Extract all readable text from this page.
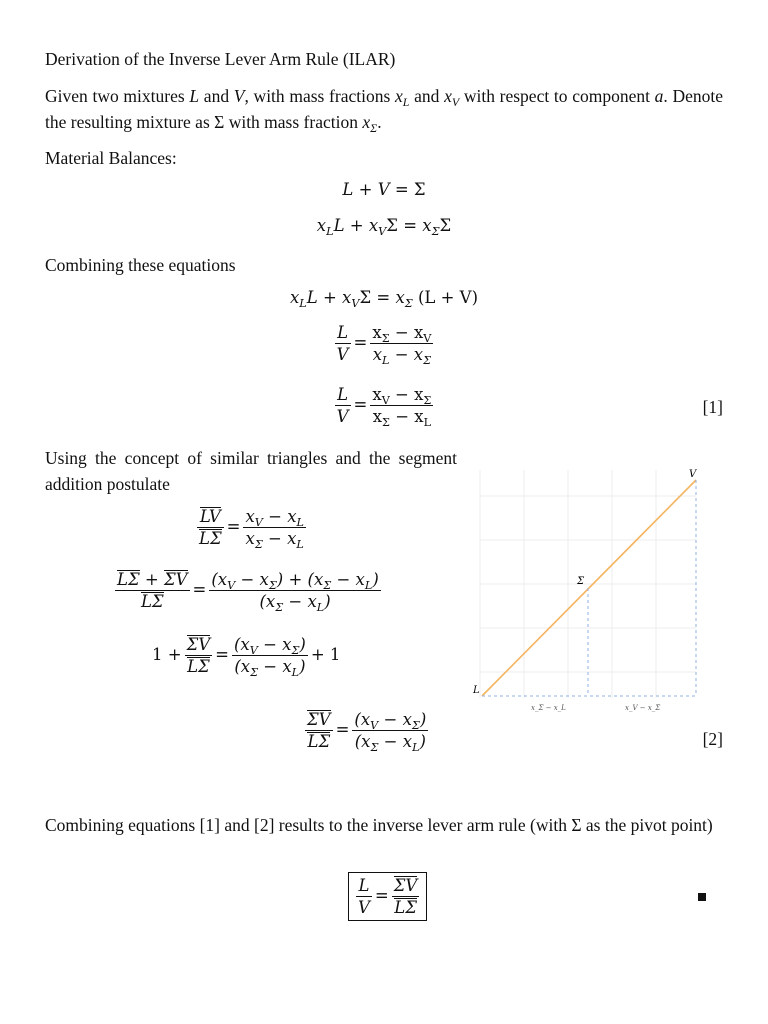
Derivation of the Inverse Lever Arm Rule (ILAR)
Given two mixtures L and V, with mass fractions $x_L$ and $x_V$ with respect to component a. Denote the resulting mixture as Σ with mass fraction $x_\Sigma$.
Material Balances:
L + V = Σ
$x_LL + x_V\Sigma = x_\Sigma\Sigma$
Combining these equations
$x_LL + x_V\Sigma = x_\Sigma$ (L + V)
$\frac{L}{V} = \frac{x_\Sigma - x_V}{x_L - x_\Sigma}$
$\frac{L}{V} = \frac{x_V - x_\Sigma}{x_\Sigma - x_L}$	[1]
Using the concept of similar triangles and the segment addition postulate
$\frac{LV}{L\Sigma} = \frac{x_V - x_L}{x_\Sigma - x_L}$
$\frac{L\Sigma + \Sigma V}{L\Sigma} = \frac{(x_V - x_\Sigma) + (x_\Sigma - x_L)}{(x_\Sigma - x_L)}$
$1 + \frac{\Sigma V}{L\Sigma} = \frac{(x_V - x_\Sigma)}{(x_\Sigma - x_L)} + 1$
$\frac{\Sigma V}{L\Sigma} = \frac{(x_V - x_\Sigma)}{(x_\Sigma - x_L)}$	[2]
V
Σ
L
x_Σ − x_L	x_V − x_Σ
Combining equations [1] and [2] results to the inverse lever arm rule (with Σ as the pivot point)
$\frac{L}{V} = \frac{\Sigma V}{L\Sigma}$
